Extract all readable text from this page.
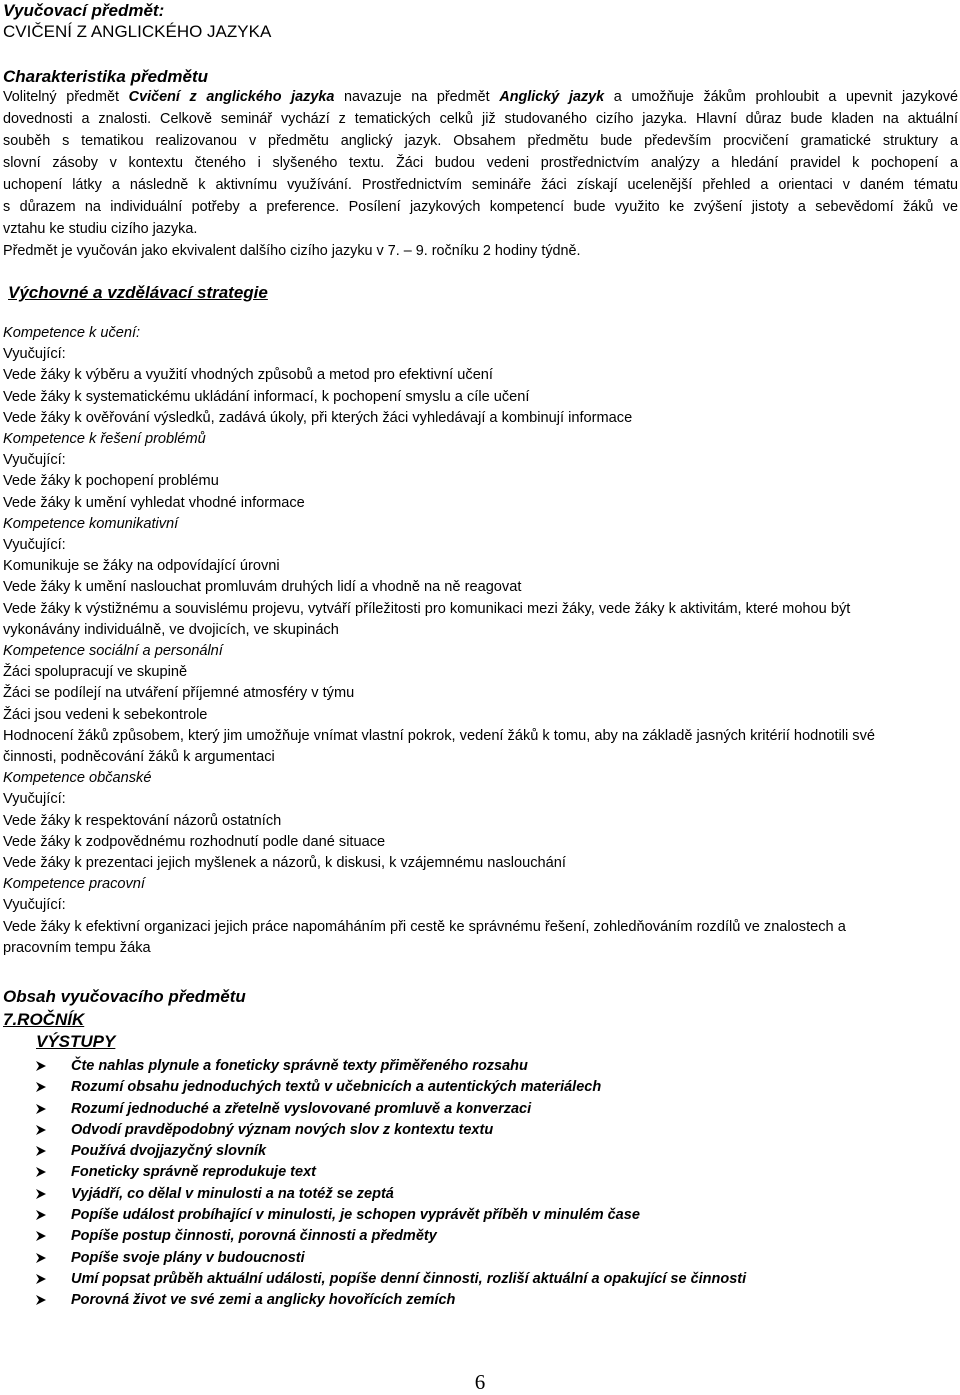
Vyučovací předmět:
CVIČENÍ Z ANGLICKÉHO JAZYKA
Charakteristika předmětu
Volitelný předmět Cvičení z anglického jazyka navazuje na předmět Anglický jazyk a umožňuje žákům prohloubit a upevnit jazykové
dovednosti a znalosti. Celkově seminář vychází z tematických celků již studovaného cizího jazyka. Hlavní důraz bude kladen na aktuální
souběh s tematikou realizovanou v předmětu anglický jazyk. Obsahem předmětu bude především procvičení gramatické struktury a
slovní zásoby v kontextu čteného i slyšeného textu. Žáci budou vedeni prostřednictvím analýzy a hledání pravidel k pochopení a
uchopení látky a následně k aktivnímu využívání. Prostřednictvím semináře žáci získají ucelenější přehled a orientaci v daném tématu
s důrazem na individuální potřeby a preference. Posílení jazykových kompetencí bude využito ke zvýšení jistoty a sebevědomí žáků ve
vztahu ke studiu cizího jazyka.
Předmět je vyučován jako ekvivalent dalšího cizího jazyku v 7. – 9. ročníku 2 hodiny týdně.
Výchovné a vzdělávací strategie
Kompetence k učení:
Vyučující:
Vede žáky k výběru a využití vhodných způsobů a metod pro efektivní učení
Vede žáky k systematickému ukládání informací, k pochopení smyslu a cíle učení
Vede žáky k ověřování výsledků, zadává úkoly, při kterých žáci vyhledávají a kombinují informace
Kompetence k řešení problémů
Vyučující:
Vede žáky k pochopení problému
Vede žáky k umění vyhledat vhodné informace
Kompetence komunikativní
Vyučující:
Komunikuje se žáky na odpovídající úrovni
Vede žáky k umění naslouchat promluvám druhých lidí a vhodně na ně reagovat
Vede žáky k výstižnému a souvislému projevu, vytváří příležitosti pro komunikaci mezi žáky, vede žáky k aktivitám, které mohou být
vykonávány individuálně, ve dvojicích, ve skupinách
Kompetence sociální a personální
Žáci spolupracují ve skupině
Žáci se podílejí na utváření příjemné atmosféry v týmu
Žáci jsou vedeni k sebekontrole
Hodnocení žáků způsobem, který jim umožňuje vnímat vlastní pokrok, vedení žáků k tomu, aby na základě jasných kritérií hodnotili své
činnosti, podněcování žáků k argumentaci
Kompetence občanské
Vyučující:
Vede žáky k respektování názorů ostatních
Vede žáky k zodpovědnému rozhodnutí podle dané situace
Vede žáky k prezentaci jejich myšlenek a názorů, k diskusi, k vzájemnému naslouchání
Kompetence pracovní
Vyučující:
Vede žáky k efektivní organizaci jejich práce napomáháním při cestě ke správnému řešení, zohledňováním rozdílů ve znalostech a
pracovním tempu žáka
Obsah vyučovacího předmětu
7.ROČNÍK
VÝSTUPY
Čte nahlas plynule a foneticky správně texty přiměřeného rozsahu
Rozumí obsahu jednoduchých textů v učebnicích a autentických materiálech
Rozumí jednoduché a zřetelně vyslovované promluvě a konverzaci
Odvodí pravděpodobný význam nových slov z kontextu textu
Používá dvojjazyčný slovník
Foneticky správně reprodukuje text
Vyjádří, co dělal v minulosti a na totéž se zeptá
Popíše událost probíhající v minulosti, je schopen vyprávět příběh v minulém čase
Popíše postup činnosti, porovná činnosti a předměty
Popíše svoje plány v budoucnosti
Umí popsat průběh aktuální události, popíše denní činnosti, rozliší aktuální a opakující se činnosti
Porovná život ve své zemi a anglicky hovořících zemích
6
